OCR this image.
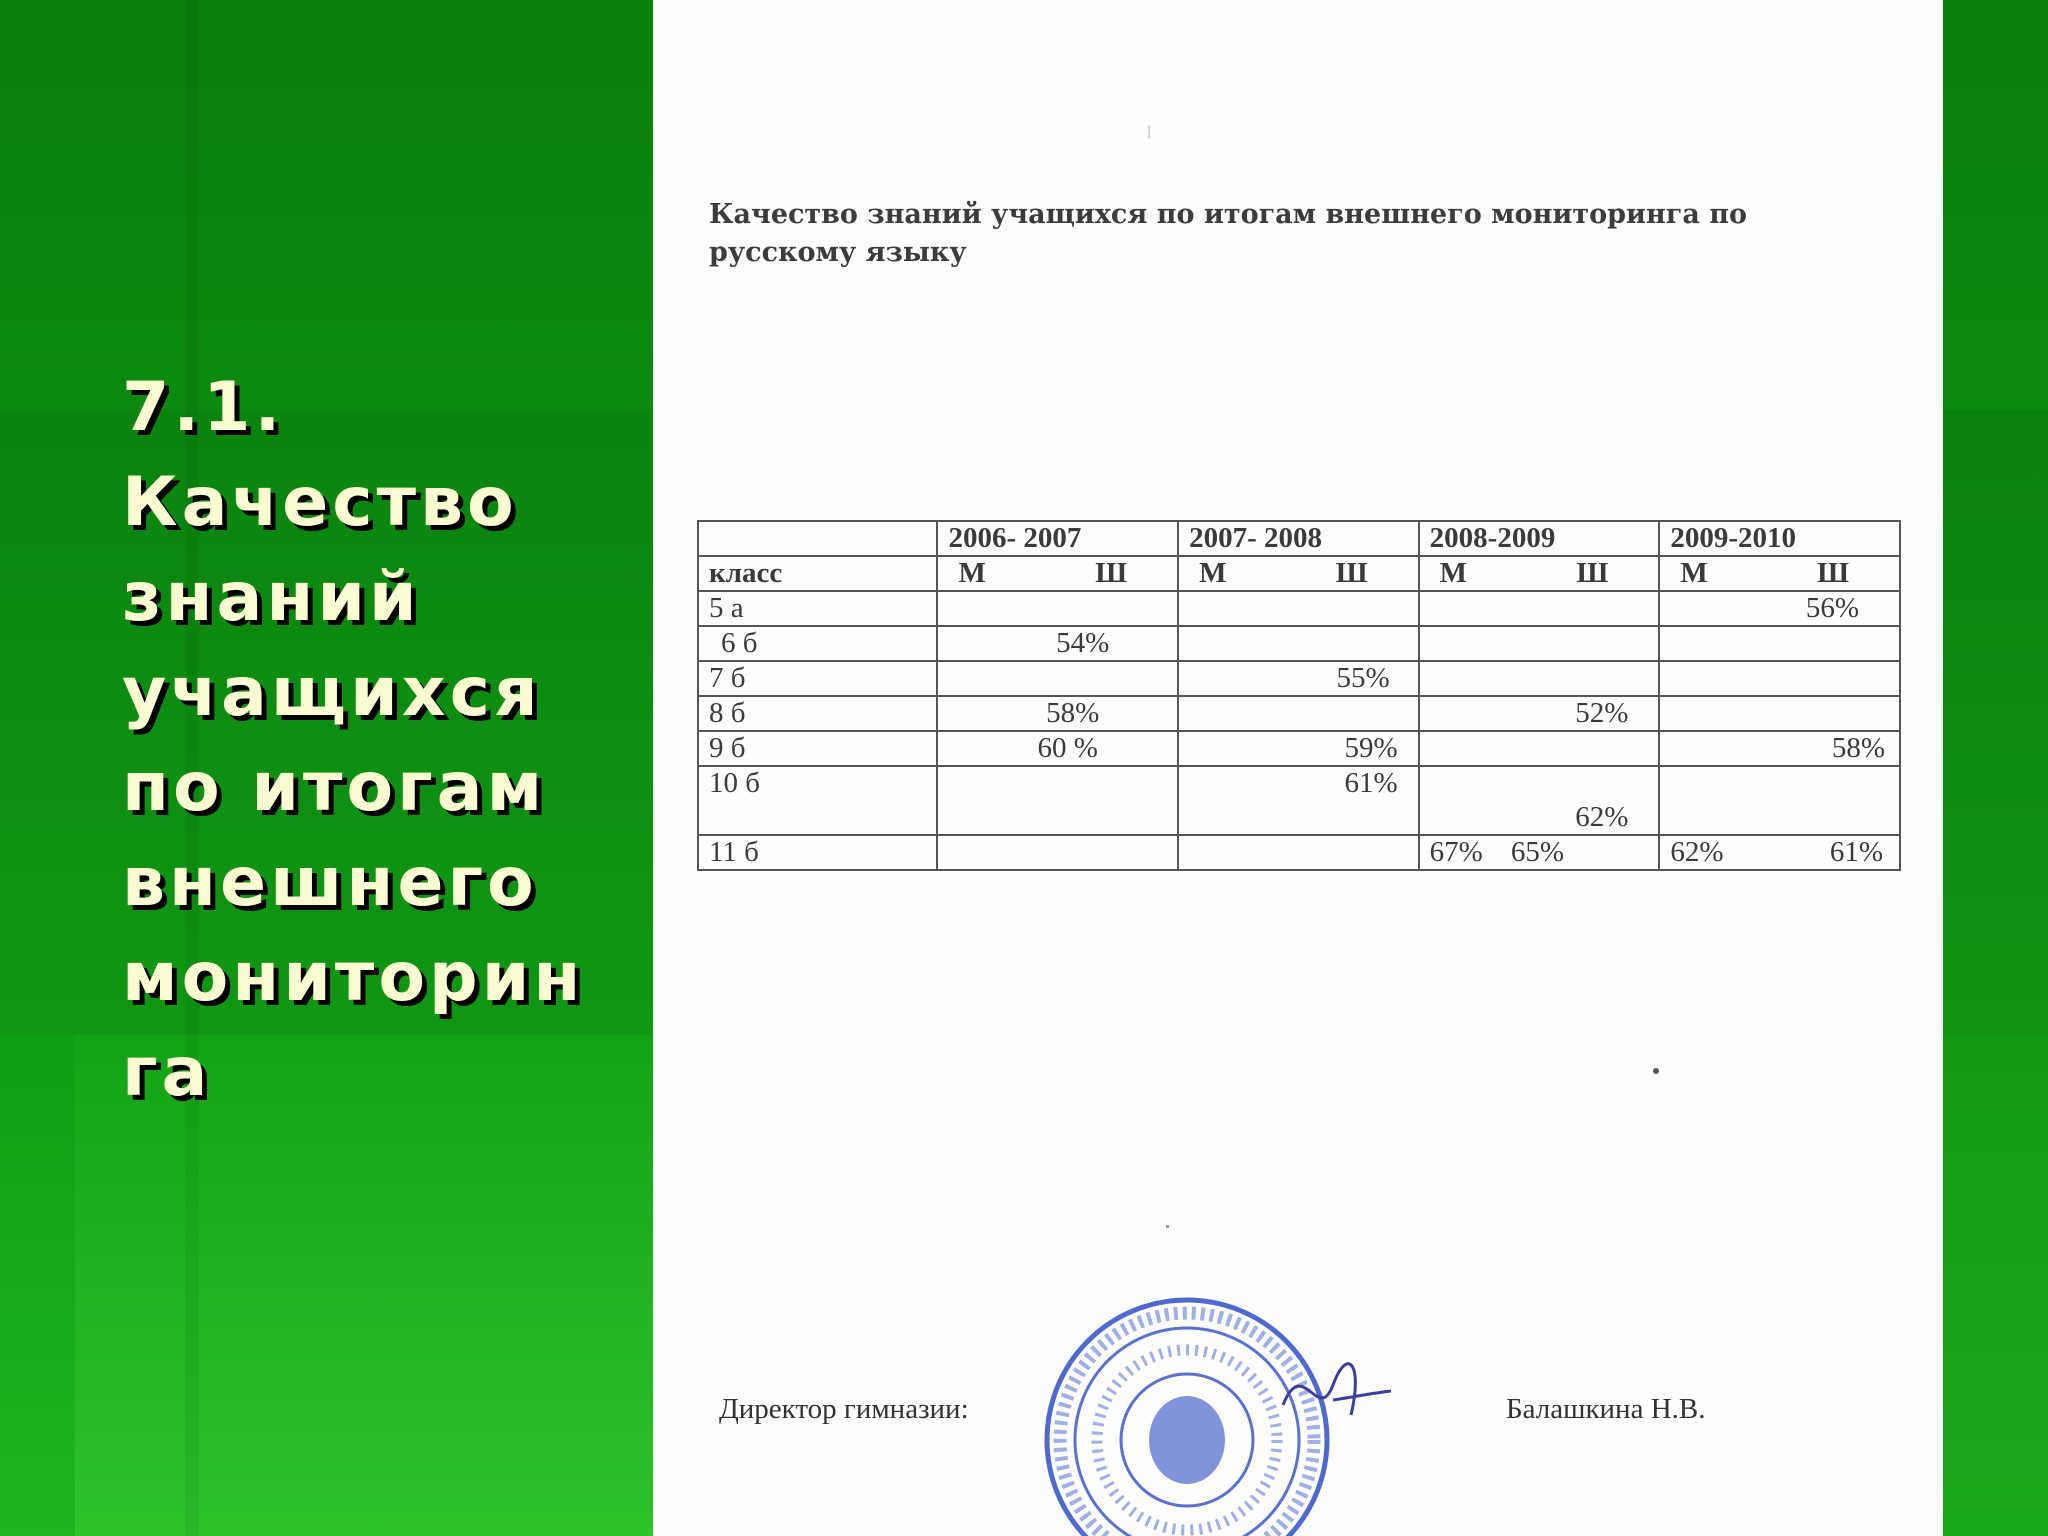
7.1.
Качество
знаний
учащихся
по итогам
внешнего
мониторин
га
Качество знаний учащихся по итогам внешнего мониторинга по
русскому языку
	2006- 2007	2007- 2008	2008-2009	2009-2010
класс	М Ш	М Ш	М Ш	М Ш

5 а				56%
6 б	54%			
7 б		55%		
8 б	58%		52%	
9 б	60 %	59%		58%
10 б		61%	62%	
11 б			67% 65%	62% 61%
Директор гимназии:	Балашкина Н.В.
